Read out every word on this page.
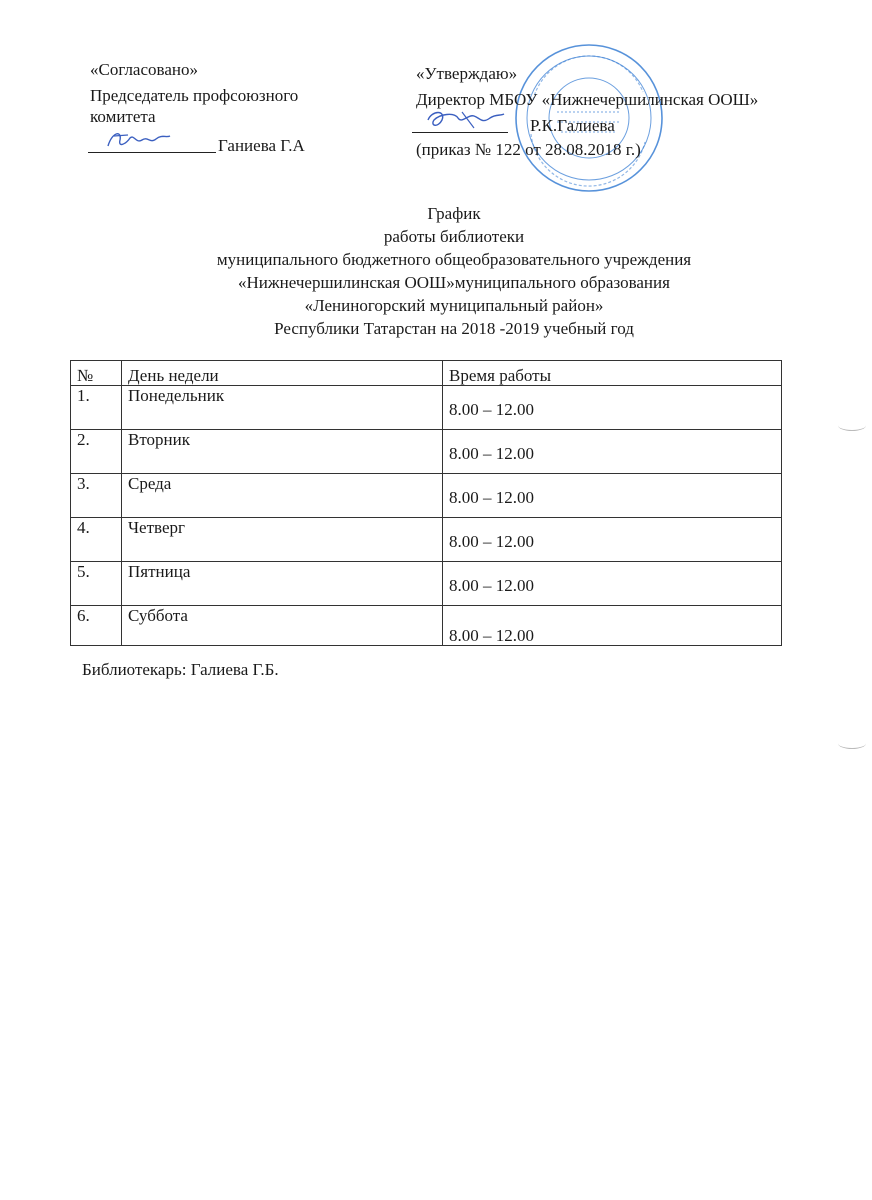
«Согласовано»
Председатель профсоюзного
комитета
Ганиева Г.А
«Утверждаю»
Директор МБОУ «Нижнечершилинская ООШ»
Р.К.Галиева
(приказ № 122 от 28.08.2018 г.)
График
работы библиотеки
муниципального бюджетного общеобразовательного учреждения
«Нижнечершилинская ООШ»муниципального образования
«Лениногорский муниципальный район»
Республики Татарстан на 2018 -2019 учебный год
№	День недели	Время работы
1.	Понедельник	8.00 – 12.00
2.	Вторник	8.00 – 12.00
3.	Среда	8.00 – 12.00
4.	Четверг	8.00 – 12.00
5.	Пятница	8.00 – 12.00
6.	Суббота	8.00 – 12.00
Библиотекарь: Галиева Г.Б.
